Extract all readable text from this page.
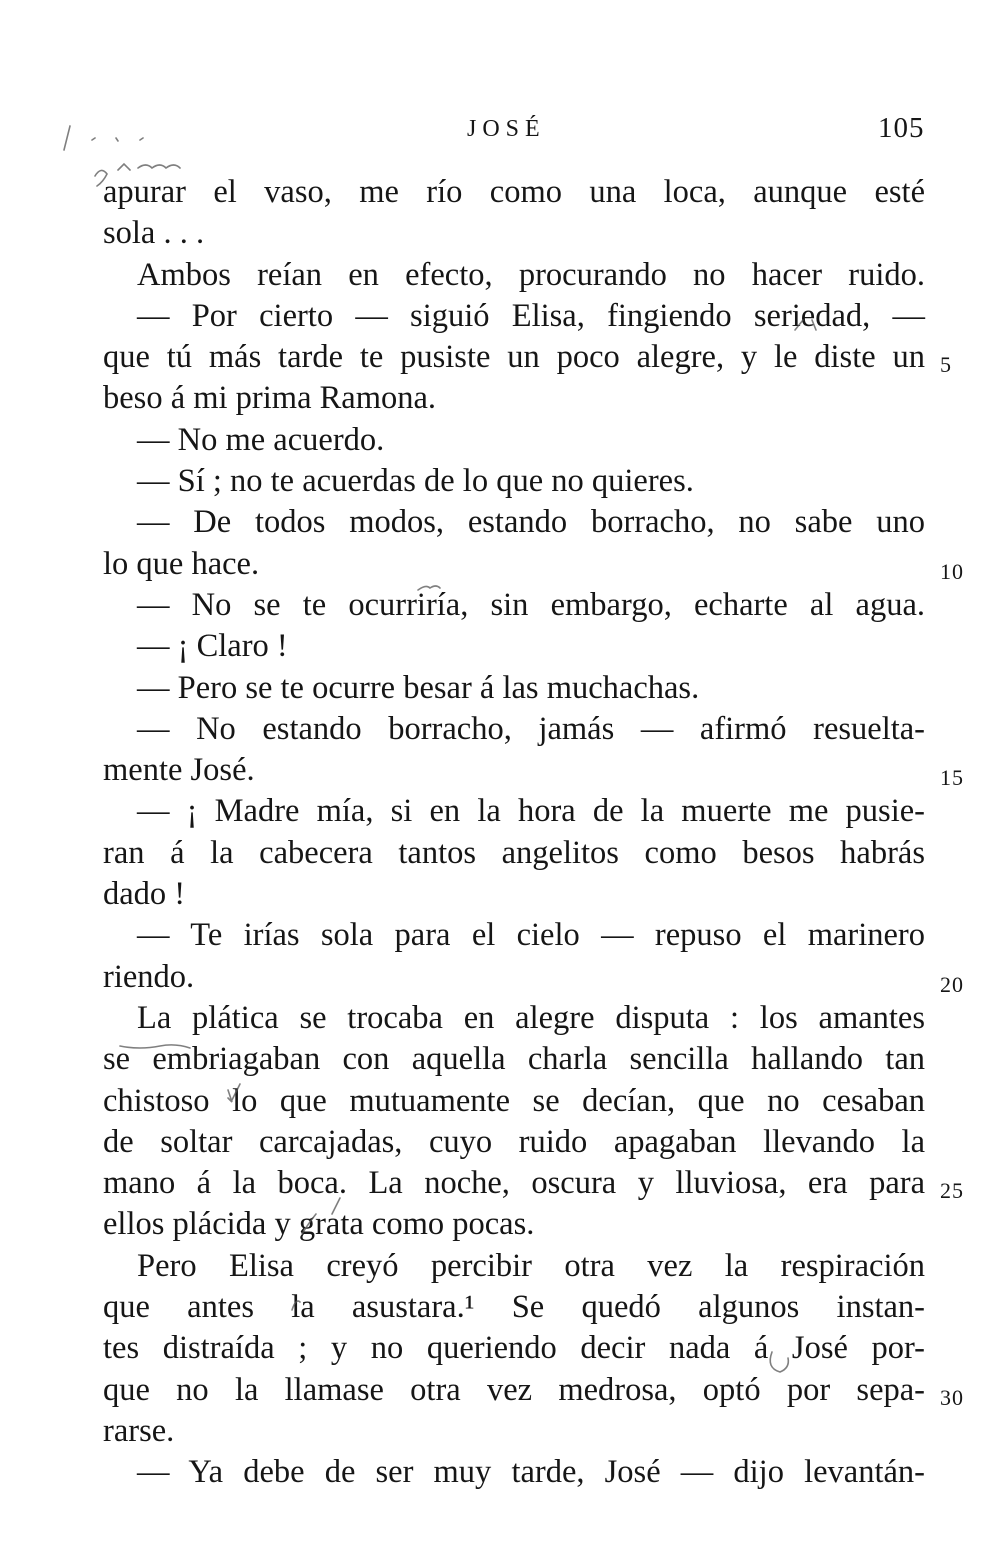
JOSÉ	105
apurar el vaso, me río como una loca, aunque esté
sola . . .
Ambos reían en efecto, procurando no hacer ruido.
— Por cierto — siguió Elisa, fingiendo seriedad, —
que tú más tarde te pusiste un poco alegre, y le diste un
beso á mi prima Ramona.
— No me acuerdo.
— Sí ; no te acuerdas de lo que no quieres.
— De todos modos, estando borracho, no sabe uno
lo que hace.
— No se te ocurriría, sin embargo, echarte al agua.
— ¡ Claro !
— Pero se te ocurre besar á las muchachas.
— No estando borracho, jamás — afirmó resuelta-
mente José.
— ¡ Madre mía, si en la hora de la muerte me pusie-
ran á la cabecera tantos angelitos como besos habrás
dado !
— Te irías sola para el cielo — repuso el marinero
riendo.
La plática se trocaba en alegre disputa : los amantes
se embriagaban con aquella charla sencilla hallando tan
chistoso lo que mutuamente se decían, que no cesaban
de soltar carcajadas, cuyo ruido apagaban llevando la
mano á la boca. La noche, oscura y lluviosa, era para
ellos plácida y grata como pocas.
Pero Elisa creyó percibir otra vez la respiración
que antes la asustara.¹ Se quedó algunos instan-
tes distraída ; y no queriendo decir nada á José por-
que no la llamase otra vez medrosa, optó por sepa-
rarse.
— Ya debe de ser muy tarde, José — dijo levantán-
5
10
15
20
25
30
